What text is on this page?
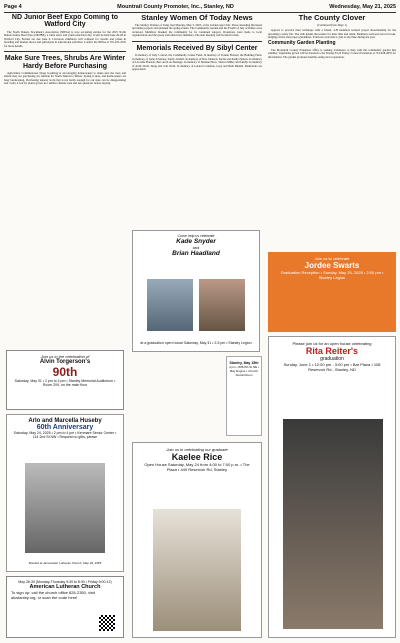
Page 4	Mountrail County Promoter, Inc., Stanley, ND	Wednesday, May 21, 2025
ND Junior Beef Expo Coming to Watford City

The North Dakota Stockmen's Association (NDSA) is now accepting entries for the 2025 North Dakota Junior Beef Expo (NDJBE), a cattle show and youth education day. It will be held June 26-28 in Watford City. Entries are due June 9. Livestock exhibitors will compete for awards and prizes in breeding and market shows and participate in educational activities. Contact the NDSA at 701-223-2522 for more details.

Make Sure Trees, Shrubs Are Winter Hardy Before Purchasing

Agriculture Commissioner Doug Goehring is encouraging homeowners to make sure the trees and shrubs they are purchasing are suitable for North Dakota's climate. Spring is here, and homeowners are busy landscaping. Purchasing nursery stock that is not hardy enough for our state can be disappointing and costly. Look for plants grown in a similar climate zone and ask questions before buying.

Stanley Women Of Today News

The Stanley Women of Today met Monday, May 5, 2025, at the Golden Age Club. Those attending discussed upcoming projects and planned the spring events. The Community Garden and the Fourth of July activities were reviewed. Members thanked the community for its continued support. Donations were made to local organizations and the group welcomed new members. The next meeting will be held in June.

Memorials Received By Sibyl Center

In memory of Judy Conrad, the Community Center Fund. In memory of Vonnie Finstad, the Building Fund. In memory of Irene Zavalney, Sandy Lindell. In memory of Ron Johnson, Kevin and Kathy Nelson. In memory of Lavonne Hanson, Bert and Lois Ramage. In memory of Maxine Hove, Sharon Miller and family. In memory of Ardis Wold, Doug and Jodi Wold. In memory of Leland Cornelius, Gary and Beth Henkle. Memorials are appreciated.

The County Clover
(Continued from Page 1)

appears to practice their technique with a friend. 4-H members learned proper showmanship for the upcoming county fair. The club thanks the leaders for their time and talent. Members reviewed record books, judging events and project guidelines. Youth are welcome to join at any time during the year.

Community Garden Planting

The Mountrail County Extension office is seeking volunteers to help with the community garden this summer. Vegetables grown will be donated to the Stanley Food Pantry. Contact Extension at 701-628-2835 for information. The garden promotes healthy eating and cooperation.

Join us in the celebration of
Alvin Torgerson's
90th
Saturday, May 31 • 2 pm to 4 pm • Stanley Memorial Auditorium • Room 209, on the main floor
Arlo and Marcella Huseby
60th Anniversary
Saturday, May 24, 2025 • 2 pm to 4 pm • Kenmare Senior Center • 114 2nd St NW • Request no gifts, please
Married at Jamestown Lutheran Church, May 29, 1965
May 26-30 (Monday-Thursday 9:30 to 8:30 • Friday 9:00-12)
American Lutheran Church
To sign up: call the church office 628-2350, visit alcstanley.org, or scan the code here!
Come help us celebrate
Kade Snyder
and
Brian Haadland
at a graduation open house Saturday, May 31 • 2-5 pm • Stanley Legion
Stanley, May 15th
4 pm • 808 8th St NE • Bay Engine • Church Social Room
Join us in celebrating our graduate
Kaelee Rice
Open House Saturday, May 24 from 4:00 to 7:00 p.m. • The Plaza • 440 Reservoir Rd, Stanley
Join us to celebrate
Jordee Swarts
Graduation Reception • Sunday, May 25, 2025 • 2:00 pm • Stanley Legion
Please join us for an open house celebrating
Rita Reiter's
graduation
Sunday, June 1 • 12:00 pm - 3:00 pm • Bar Plaza • 108 Reservoir Rd., Stanley, ND
